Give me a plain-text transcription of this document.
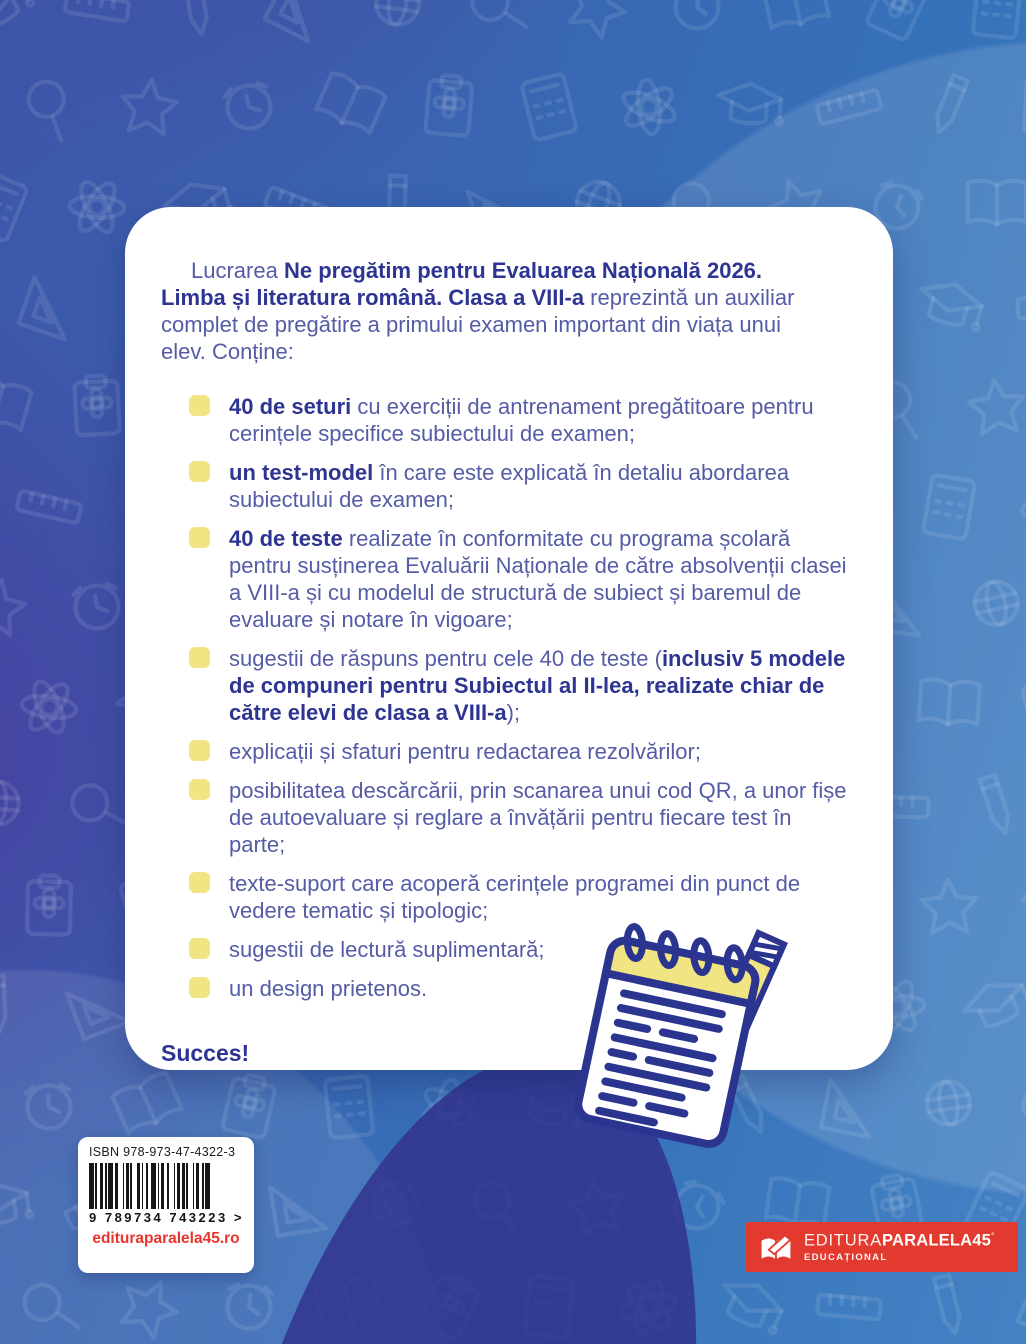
Lucrarea Ne pregătim pentru Evaluarea Națională 2026. Limba și literatura română. Clasa a VIII-a reprezintă un auxiliar complet de pregătire a primului examen important din viața unui elev. Conține:

40 de seturi cu exerciții de antrenament pregătitoare pentru cerințele specifice subiectului de examen;
un test-model în care este explicată în detaliu abordarea subiectului de examen;
40 de teste realizate în conformitate cu programa școlară pentru susținerea Evaluării Naționale de către absolvenții clasei a VIII-a și cu modelul de structură de subiect și baremul de evaluare și notare în vigoare;
sugestii de răspuns pentru cele 40 de teste (inclusiv 5 modele de compuneri pentru Subiectul al II-lea, realizate chiar de către elevi de clasa a VIII-a);
explicații și sfaturi pentru redactarea rezolvărilor;
posibilitatea descărcării, prin scanarea unui cod QR, a unor fișe de autoevaluare și reglare a învățării pentru fiecare test în parte;
texte-suport care acoperă cerințele programei din punct de vedere tematic și tipologic;
sugestii de lectură suplimentară;
un design prietenos.

Succes!

ISBN 978-973-47-4322-3
9 789734 743223 >
edituraparalela45.ro	EDITURAPARALELA45°
EDUCAȚIONAL
